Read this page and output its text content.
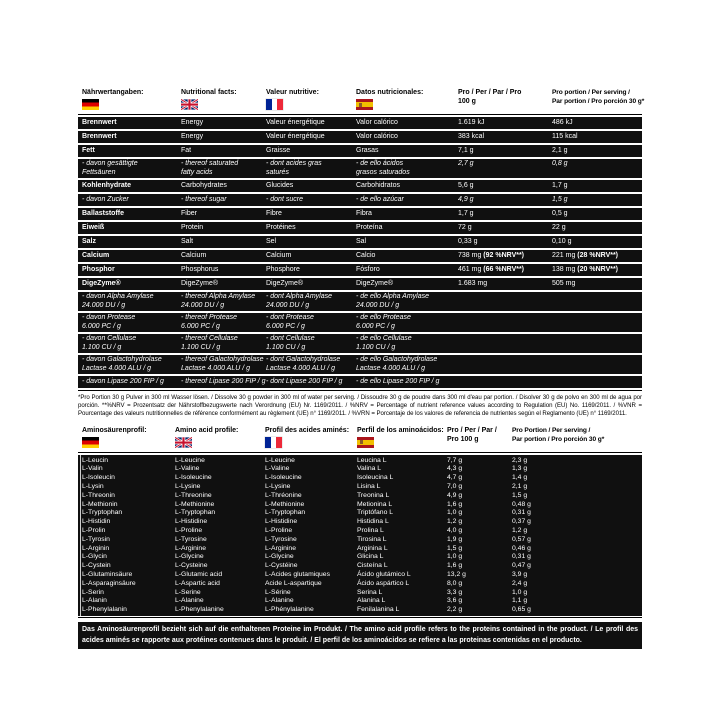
Nährwertangaben:	Nutritional facts:	Valeur nutritive:	Datos nutricionales:	Pro / Per / Par / Pro
100 g
Pro portion / Per serving /
Par portion / Pro porción 30 g*
Brennwert	Energy	Valeur énergétique	Valor calórico	1.619 kJ	486 kJ
Brennwert	Energy	Valeur énergétique	Valor calórico	383 kcal	115 kcal
Fett	Fat	Graisse	Grasas	7,1 g	2,1 g
- davon gesättigte
Fettsäuren
- thereof saturated
fatty acids
- dont acides gras
saturés
- de ello ácidos
grasos saturados
2,7 g	0,8 g
Kohlenhydrate	Carbohydrates	Glucides	Carbohidratos	5,6 g	1,7 g
- davon Zucker	- thereof sugar	- dont sucre	- de ello azúcar	4,9 g	1,5 g
Ballaststoffe	Fiber	Fibre	Fibra	1,7 g	0,5 g
Eiweiß	Protein	Protéines	Proteína	72 g	22 g
Salz	Salt	Sel	Sal	0,33 g	0,10 g
Calcium	Calcium	Calcium	Calcio	738 mg (92 %NRV**)	221 mg (28 %NRV**)
Phosphor	Phosphorus	Phosphore	Fósforo	461 mg (66 %NRV**)	138 mg (20 %NRV**)
DigeZyme®	DigeZyme®	DigeZyme®	DigeZyme®	1.683 mg	505 mg
- davon Alpha Amylase
24.000 DU / g
- thereof Alpha Amylase
24.000 DU / g
- dont Alpha Amylase
24.000 DU / g
- de ello Alpha Amylase
24.000 DU / g
- davon Protease
6.000 PC / g
- thereof Protease
6.000 PC / g
- dont Protease
6.000 PC / g
- de ello Protease
6.000 PC / g
- davon Cellulase
1.100 CU / g
- thereof Cellulase
1.100 CU / g
- dont Cellulase
1.100 CU / g
- de ello Cellulase
1.100 CU / g
- davon Galactohydrolase
Lactase 4.000 ALU / g
- thereof Galactohydrolase
Lactase 4.000 ALU / g
- dont Galactohydrolase
Lactase 4.000 ALU / g
- de ello Galactohydrolase
Lactase 4.000 ALU / g
- davon Lipase 200 FIP / g	- thereof Lipase 200 FIP / g - dont Lipase 200 FIP / g	- de ello Lipase 200 FIP / g

*Pro Portion 30 g Pulver in 300 ml Wasser lösen. / Dissolve 30 g powder in 300 ml of water per serving. / Dissoudre 30 g de poudre dans 300 ml d'eau par portion. / Disolver 30 g de polvo en 300 ml de agua por porción. **%NRV = Prozentsatz der Nährstoffbezugswerte nach Verordnung (EU) Nr. 1169/2011. / %NRV = Percentage of nutrient reference values according to Regulation (EU) No. 1169/2011. / %VNR = Pourcentage des valeurs nutritionnelles de référence conformément au règlement (UE) n° 1169/2011. / %VRN = Porcentaje de los valores de referencia de nutrientes según el Reglamento (UE) n° 1169/2011.

Aminosäurenprofil:	Amino acid profile:	Profil des acides aminés:	Perfil de los aminoácidos: Pro / Per / Par /
Pro 100 g
Pro Portion / Per serving /
Par portion / Pro porción 30 g*
L-Leucin	L-Leucine	L-Leucine	Leucina L	7,7 g	2,3 g
L-Valin	L-Valine	L-Valine	Valina L	4,3 g	1,3 g
L-Isoleucin	L-Isoleucine	L-Isoleucine	Isoleucina L	4,7 g	1,4 g
L-Lysin	L-Lysine	L-Lysine	Lisina L	7,0 g	2,1 g
L-Threonin	L-Threonine	L-Thréonine	Treonina L	4,9 g	1,5 g
L-Methionin	L-Methionine	L-Methionine	Metionina L	1,6 g	0,48 g
L-Tryptophan	L-Tryptophan	L-Tryptophan	Triptófano L	1,0 g	0,31 g
L-Histidin	L-Histidine	L-Histidine	Histidina L	1,2 g	0,37 g
L-Prolin	L-Proline	L-Proline	Prolina L	4,0 g	1,2 g
L-Tyrosin	L-Tyrosine	L-Tyrosine	Tirosina L	1,9 g	0,57 g
L-Arginin	L-Arginine	L-Arginine	Arginina L	1,5 g	0,46 g
L-Glycin	L-Glycine	L-Glycine	Glicina L	1,0 g	0,31 g
L-Cystein	L-Cysteine	L-Cystéine	Cisteína L	1,6 g	0,47 g
L-Glutaminsäure	L-Glutamic acid	L-Acides glutamiques	Ácido glutámico L	13,2 g	3,9 g
L-Asparaginsäure	L-Aspartic acid	Acide L-aspartique	Ácido aspártico L	8,0 g	2,4 g
L-Serin	L-Serine	L-Sérine	Serina L	3,3 g	1,0 g
L-Alanin	L-Alanine	L-Alanine	Alanina L	3,6 g	1,1 g
L-Phenylalanin	L-Phenylalanine	L-Phénylalanine	Fenilalanina L	2,2 g	0,65 g

Das Aminosäurenprofil bezieht sich auf die enthaltenen Proteine im Produkt. / The amino acid profile refers to the proteins contained in the product. / Le profil des acides aminés se rapporte aux protéines contenues dans le produit. / El perfil de los aminoácidos se refiere a las proteinas contenidas en el producto.
